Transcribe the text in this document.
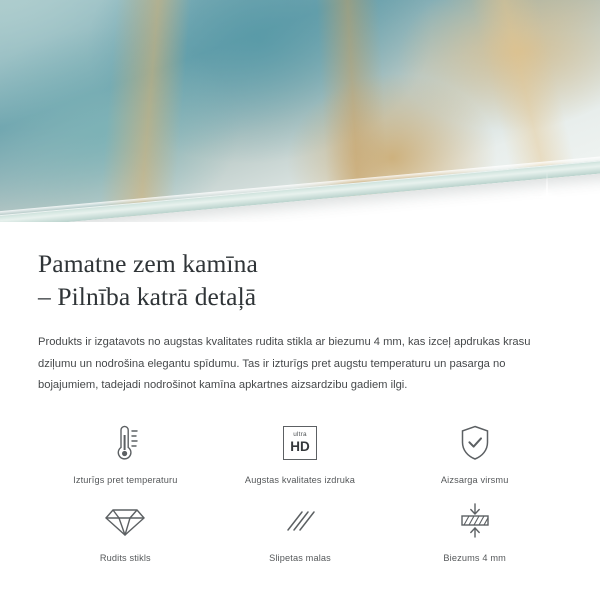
Pamatne zem kamīna
– Pilnība katrā detaļā

Produkts ir izgatavots no augstas kvalitates rudita stikla ar biezumu 4 mm, kas izceļ apdrukas krasu dziļumu un nodrošina elegantu spīdumu. Tas ir izturīgs pret augstu temperaturu un pasarga no bojajumiem, tadejadi nodrošinot kamīna apkartnes aizsardzibu gadiem ilgi.

Izturīgs pret temperaturu
ultra
HD
Augstas kvalitates izdruka	Aizsarga virsmu
Rudits stikls	Slipetas malas	Biezums 4 mm
